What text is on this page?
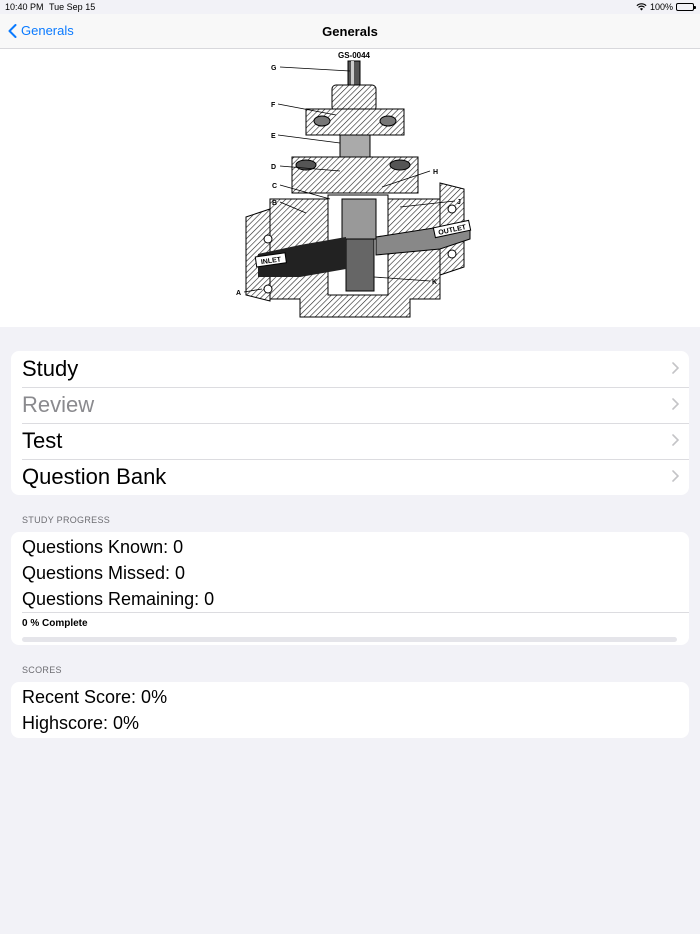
10:40 PM Tue Sep 15	100%
Generals	Generals
GS-0044
INLET
OUTLET
G
F
E
D
C
B
A
H
J
K
Study
Review
Test
Question Bank
STUDY PROGRESS
Questions Known: 0
Questions Missed: 0
Questions Remaining: 0
0 % Complete
SCORES
Recent Score: 0%
Highscore: 0%
